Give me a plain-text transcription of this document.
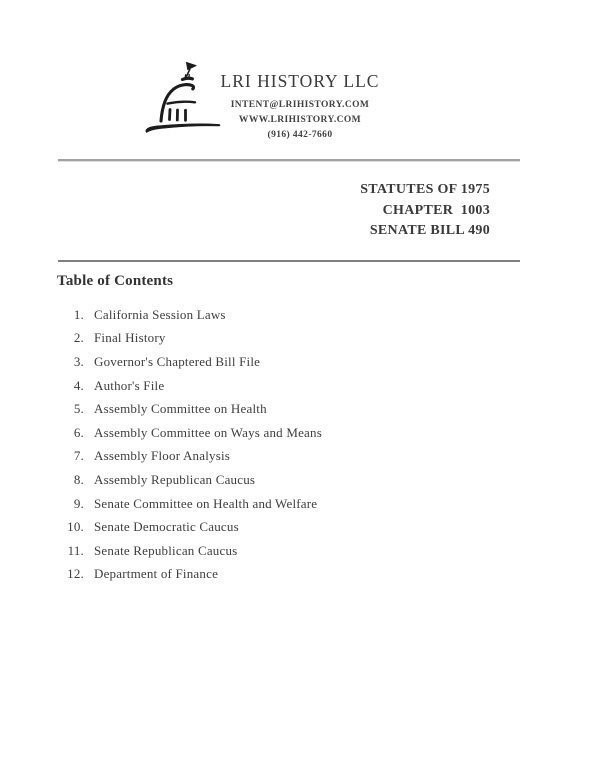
LRI HISTORY LLC
INTENT@LRIHISTORY.COM
WWW.LRIHISTORY.COM
(916) 442-7660
STATUTES OF 1975
CHAPTER  1003
SENATE BILL 490
Table of Contents
1. California Session Laws
2. Final History
3. Governor's Chaptered Bill File
4. Author's File
5. Assembly Committee on Health
6. Assembly Committee on Ways and Means
7. Assembly Floor Analysis
8. Assembly Republican Caucus
9. Senate Committee on Health and Welfare
10. Senate Democratic Caucus
11. Senate Republican Caucus
12. Department of Finance
